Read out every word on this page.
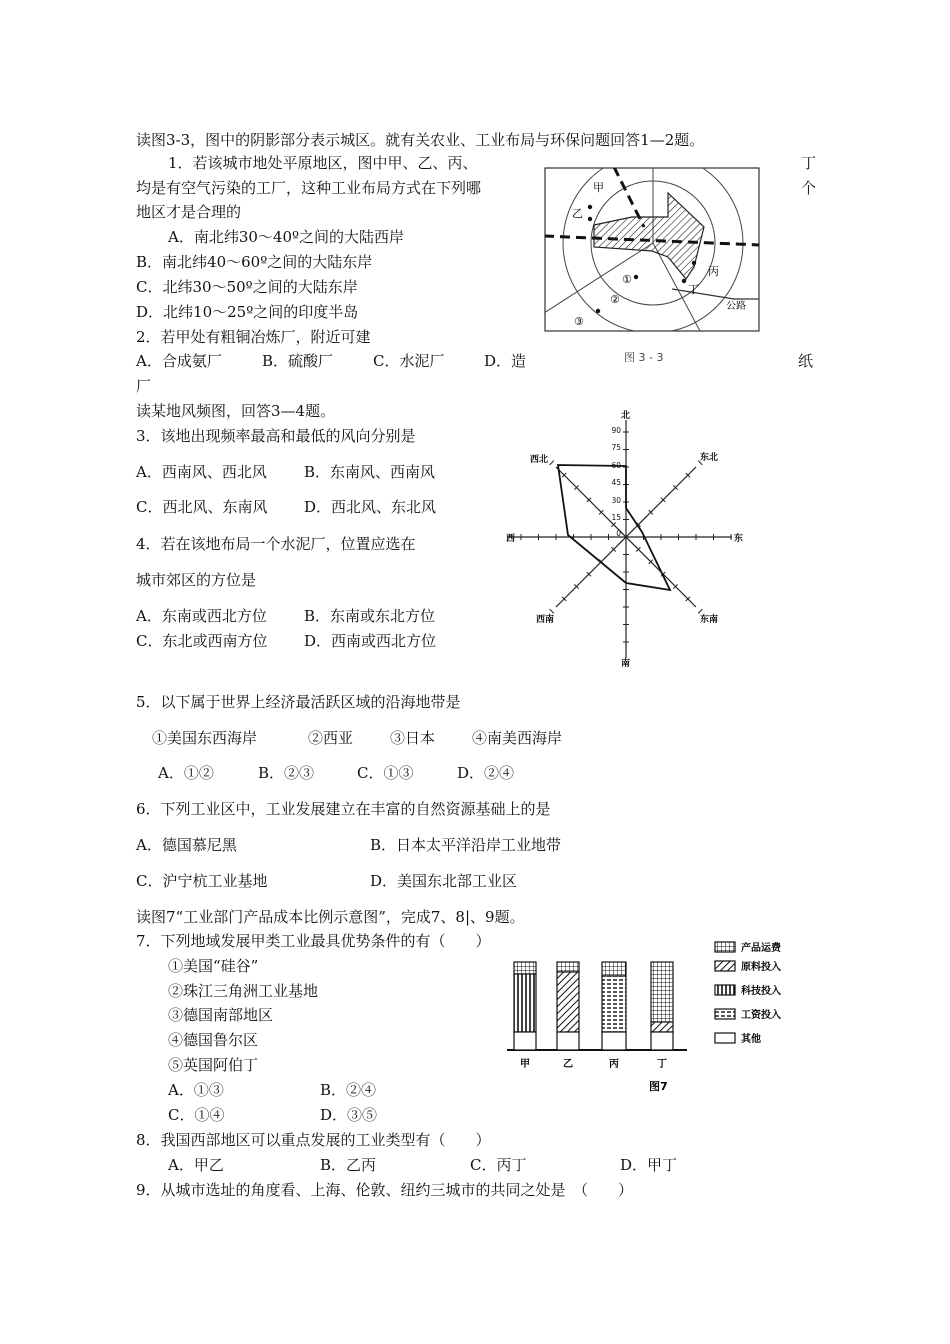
读图3-3，图中的阴影部分表示城区。就有关农业、工业布局与环保问题回答1—2题。
1．若该城市地处平原地区，图中甲、乙、丙、	丁
均是有空气污染的工厂，这种工业布局方式在下列哪	个
地区才是合理的
A．南北纬30～40º之间的大陆西岸
B．南北纬40～60º之间的大陆东岸
C．北纬30～50º之间的大陆东岸
D．北纬10～25º之间的印度半岛
2．若甲处有粗铜冶炼厂，附近可建
A．合成氨厂	B．硫酸厂	C．水泥厂	D．造	纸
厂
读某地风频图，回答3—4题。
3．该地出现频率最高和最低的风向分别是
A．西南风、西北风 B．东南风、西南风
C．西北风、东南风 D．西北风、东北风
4．若在该地布局一个水泥厂，位置应选在
城市郊区的方位是
A．东南或西北方位 B．东南或东北方位
C．东北或西南方位 D．西南或西北方位
5．以下属于世界上经济最活跃区域的沿海地带是
①美国东西海岸	②西亚 ③日本 ④南美西海岸
A．①②	B．②③	C．①③	D．②④
6．下列工业区中，工业发展建立在丰富的自然资源基础上的是
A．德国慕尼黑	B．日本太平洋沿岸工业地带
C．沪宁杭工业基地	D．美国东北部工业区
读图7“工业部门产品成本比例示意图”，完成7、8|、9题。
7．下列地域发展甲类工业最具优势条件的有（　　）
①美国“硅谷”
②珠江三角洲工业基地
③德国南部地区
④德国鲁尔区
⑤英国阿伯丁
A．①③	B．②④
C．①④	D．③⑤
8．我国西部地区可以重点发展的工业类型有（　　）
A．甲乙	B．乙丙	C．丙丁	D．甲丁
9．从城市选址的角度看、上海、伦敦、纽约三城市的共同之处是　（　　）
甲
乙
丙
丁
公路
①
②
③
图 3 - 3
北
南
东
西
东北
西北
东南
西南
90
75
60
45
30
15
0
甲	乙	丙	丁
图7
产品运费
原料投入
科技投入
工资投入
其他
